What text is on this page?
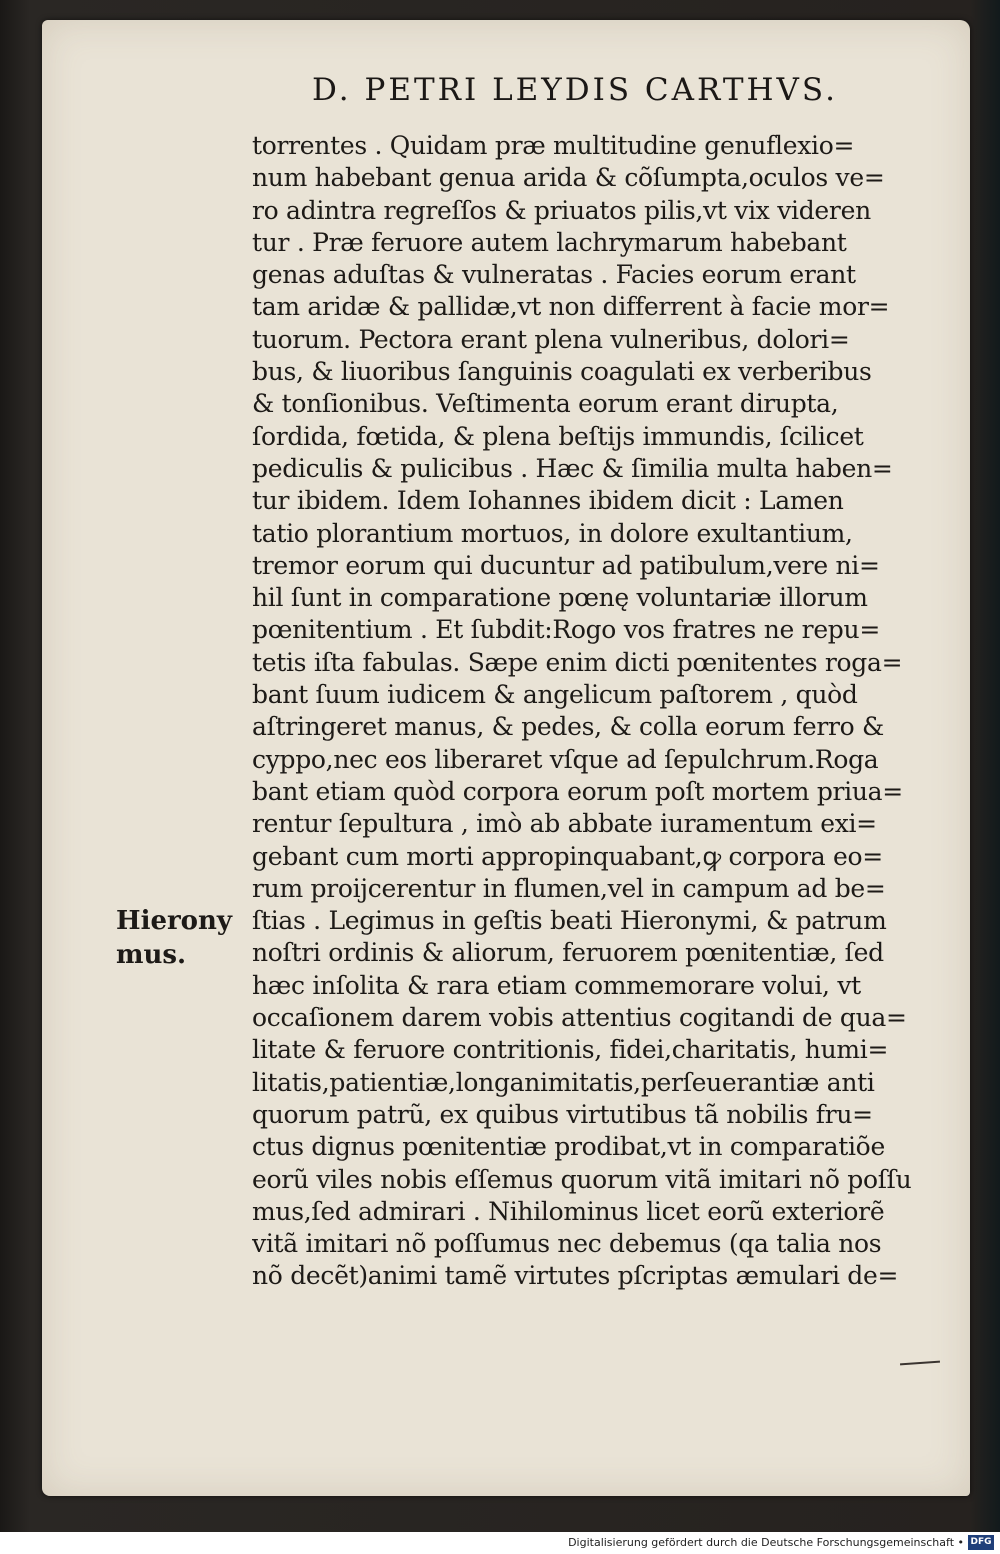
D. PETRI LEYDIS CARTHVS.
torrentes . Quidam præ multitudine genuflexio=
num habebant genua arida & cõſumpta,oculos ve=
ro adintra regreſſos & priuatos pilis,vt vix videren
tur . Præ feruore autem lachrymarum habebant
genas aduſtas & vulneratas . Facies eorum erant
tam aridæ & pallidæ,vt non differrent à facie mor=
tuorum. Pectora erant plena vulneribus, dolori=
bus, & liuoribus ſanguinis coagulati ex verberibus
& tonſionibus. Veſtimenta eorum erant dirupta,
ſordida, fœtida, & plena beſtijs immundis, ſcilicet
pediculis & pulicibus . Hæc & ſimilia multa haben=
tur ibidem. Idem Iohannes ibidem dicit : Lamen
tatio plorantium mortuos, in dolore exultantium,
tremor eorum qui ducuntur ad patibulum,vere ni=
hil ſunt in comparatione pœnę voluntariæ illorum
pœnitentium . Et ſubdit:Rogo vos fratres ne repu=
tetis iſta fabulas. Sæpe enim dicti pœnitentes roga=
bant ſuum iudicem & angelicum paſtorem , quòd
aſtringeret manus, & pedes, & colla eorum ferro &
cyppo,nec eos liberaret vſque ad ſepulchrum.Roga
bant etiam quòd corpora eorum poſt mortem priua=
rentur ſepultura , imò ab abbate iuramentum exi=
gebant cum morti appropinquabant,ꝙ corpora eo=
rum proijcerentur in flumen,vel in campum ad be=
ſtias . Legimus in geſtis beati Hieronymi, & patrum
noſtri ordinis & aliorum, feruorem pœnitentiæ, ſed
hæc inſolita & rara etiam commemorare volui, vt
occaſionem darem vobis attentius cogitandi de qua=
litate & feruore contritionis, fidei,charitatis, humi=
litatis,patientiæ,longanimitatis,perſeuerantiæ anti
quorum patrũ, ex quibus virtutibus tã nobilis fru=
ctus dignus pœnitentiæ prodibat,vt in comparatiõe
eorũ viles nobis eſſemus quorum vitã imitari nõ poſſu
mus,ſed admirari . Nihilominus licet eorũ exteriorẽ
vitã imitari nõ poſſumus nec debemus (qa talia nos
nõ decẽt)animi tamẽ virtutes pſcriptas æmulari de=
Hierony
mus.
Digitalisierung gefördert durch die Deutsche Forschungsgemeinschaft • DFG
